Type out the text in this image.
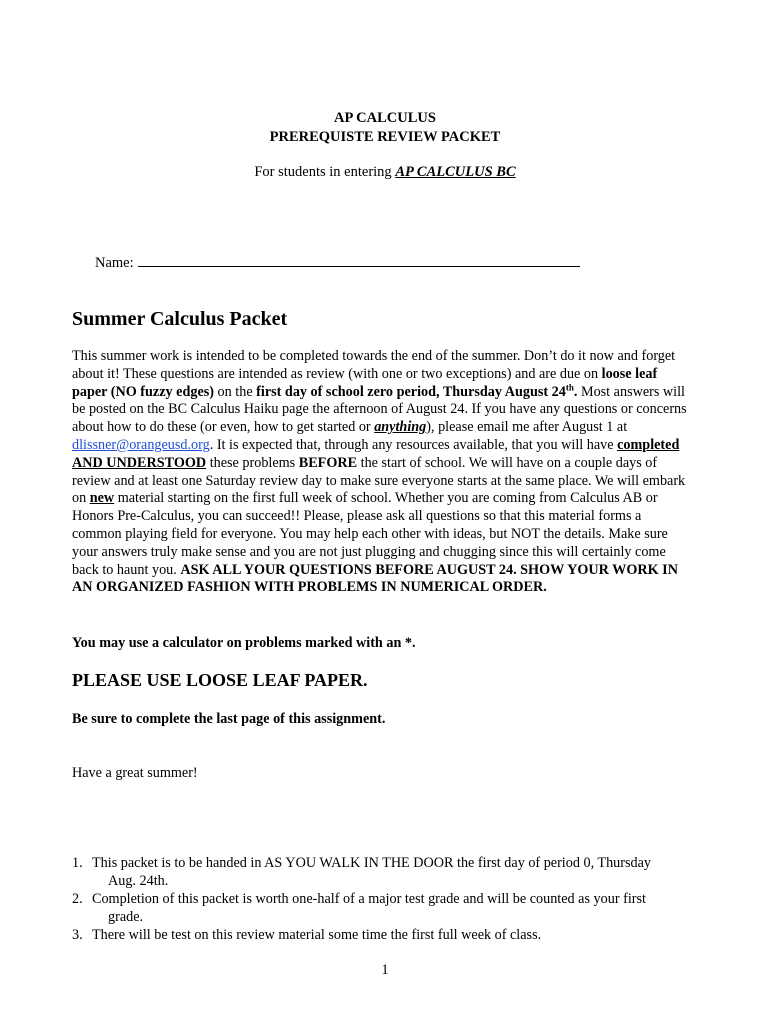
AP CALCULUS
PREREQUISTE REVIEW PACKET
For students in entering AP CALCULUS BC
Name:
Summer Calculus Packet
This summer work is intended to be completed towards the end of the summer. Don’t do it now and forget about it! These questions are intended as review (with one or two exceptions) and are due on loose leaf paper (NO fuzzy edges) on the first day of school zero period, Thursday August 24th. Most answers will be posted on the BC Calculus Haiku page the afternoon of August 24. If you have any questions or concerns about how to do these (or even, how to get started or anything), please email me after August 1 at dlissner@orangeusd.org. It is expected that, through any resources available, that you will have completed AND UNDERSTOOD these problems BEFORE the start of school. We will have on a couple days of review and at least one Saturday review day to make sure everyone starts at the same place. We will embark on new material starting on the first full week of school. Whether you are coming from Calculus AB or Honors Pre-Calculus, you can succeed!! Please, please ask all questions so that this material forms a common playing field for everyone. You may help each other with ideas, but NOT the details. Make sure your answers truly make sense and you are not just plugging and chugging since this will certainly come back to haunt you. ASK ALL YOUR QUESTIONS BEFORE AUGUST 24. SHOW YOUR WORK IN AN ORGANIZED FASHION WITH PROBLEMS IN NUMERICAL ORDER.
You may use a calculator on problems marked with an *.
PLEASE USE LOOSE LEAF PAPER.
Be sure to complete the last page of this assignment.
Have a great summer!
1. This packet is to be handed in AS YOU WALK IN THE DOOR the first day of period 0, Thursday
Aug. 24th.
2. Completion of this packet is worth one-half of a major test grade and will be counted as your first
grade.
3. There will be test on this review material some time the first full week of class.
1
